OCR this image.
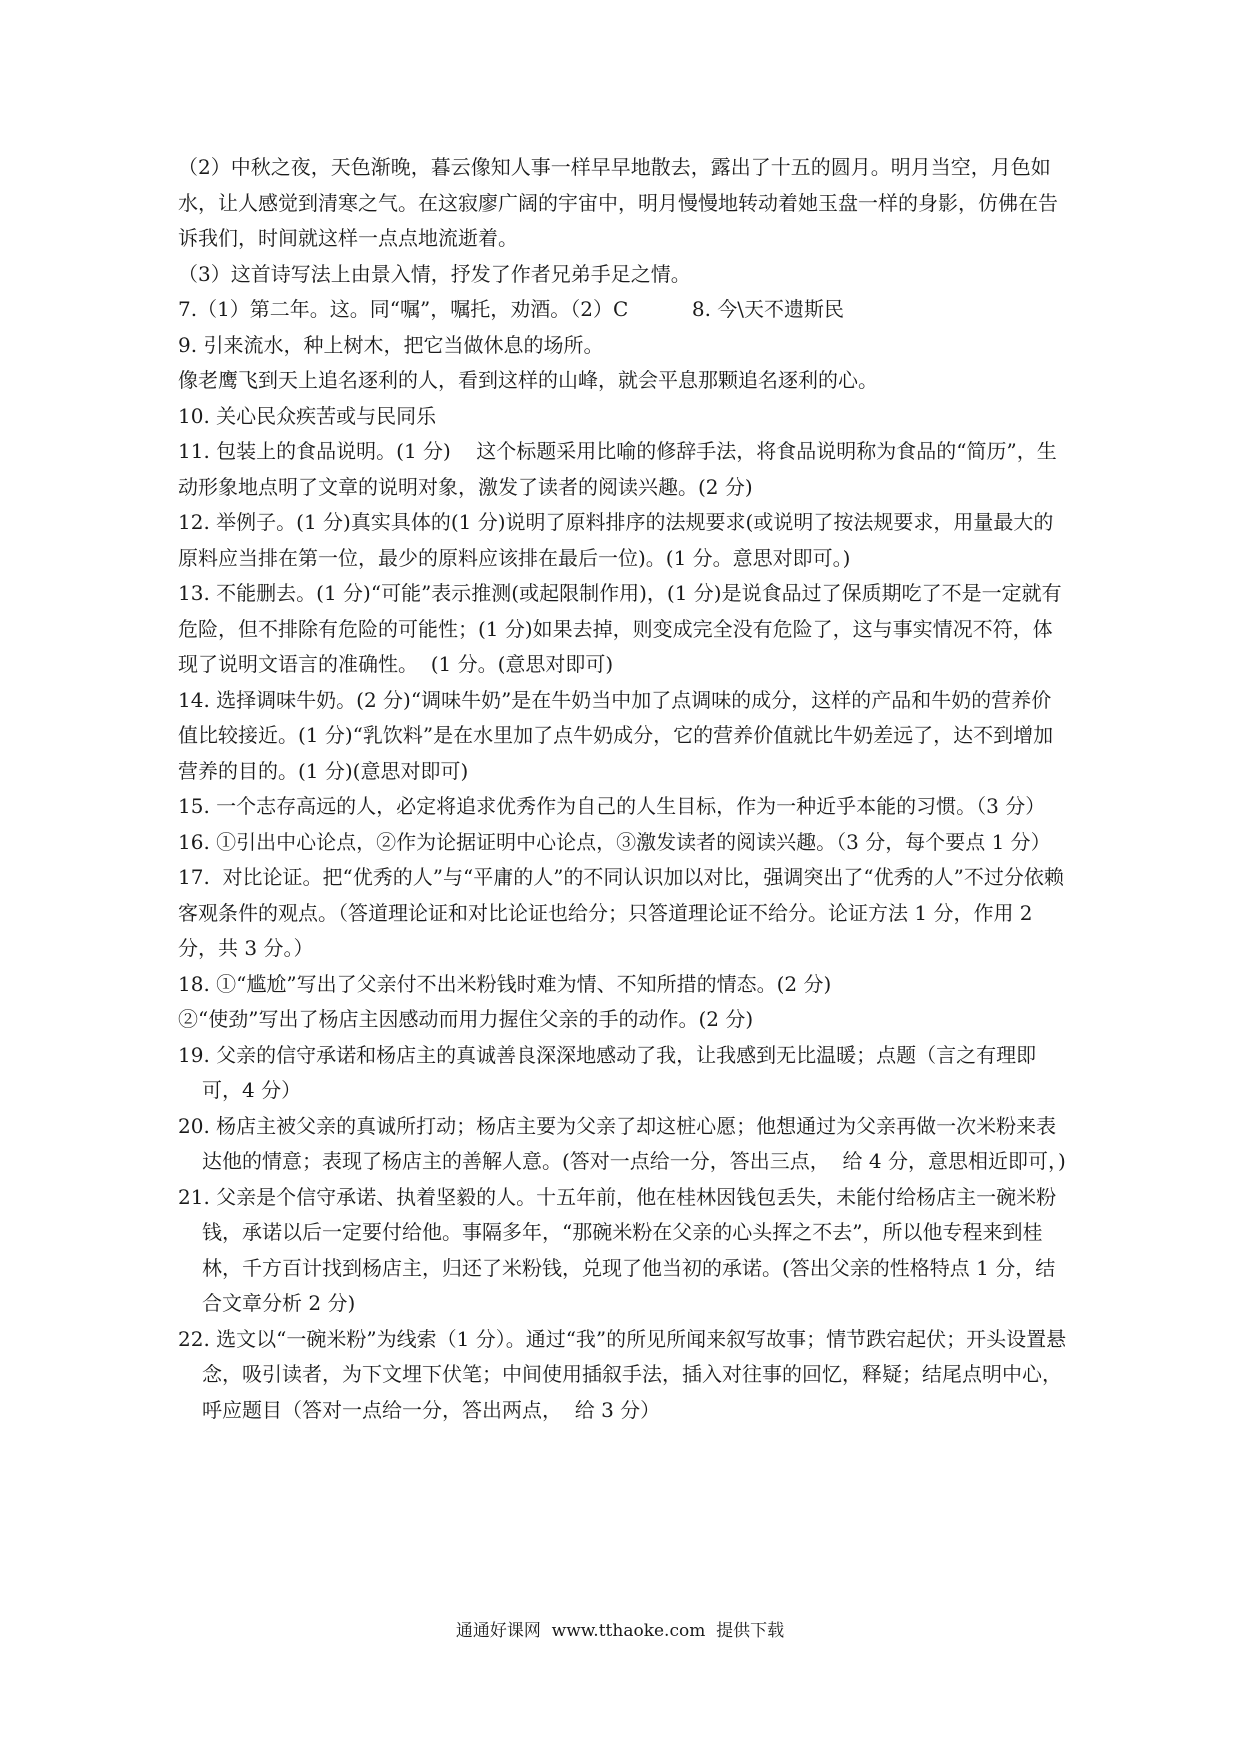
（2）中秋之夜，天色渐晚，暮云像知人事一样早早地散去，露出了十五的圆月。明月当空，月色如水，让人感觉到清寒之气。在这寂廖广阔的宇宙中，明月慢慢地转动着她玉盘一样的身影，仿佛在告诉我们，时间就这样一点点地流逝着。

（3）这首诗写法上由景入情，抒发了作者兄弟手足之情。

7.（1）第二年。这。同“嘱”，嘱托，劝酒。（2）C          8. 今\天不遗斯民

9. 引来流水，种上树木，把它当做休息的场所。

像老鹰飞到天上追名逐利的人，看到这样的山峰，就会平息那颗追名逐利的心。

10. 关心民众疾苦或与民同乐

11. 包装上的食品说明。(1 分)    这个标题采用比喻的修辞手法，将食品说明称为食品的“简历”，生动形象地点明了文章的说明对象，激发了读者的阅读兴趣。(2 分)

12. 举例子。(1 分)真实具体的(1 分)说明了原料排序的法规要求(或说明了按法规要求，用量最大的原料应当排在第一位，最少的原料应该排在最后一位)。(1 分。意思对即可。)

13. 不能删去。(1 分)“可能”表示推测(或起限制作用)，(1 分)是说食品过了保质期吃了不是一定就有危险，但不排除有危险的可能性；(1 分)如果去掉，则变成完全没有危险了，这与事实情况不符，体现了说明文语言的准确性。  (1 分。(意思对即可)

14. 选择调味牛奶。(2 分)“调味牛奶”是在牛奶当中加了点调味的成分，这样的产品和牛奶的营养价值比较接近。(1 分)“乳饮料”是在水里加了点牛奶成分，它的营养价值就比牛奶差远了，达不到增加营养的目的。(1 分)(意思对即可)

15. 一个志存高远的人，必定将追求优秀作为自己的人生目标，作为一种近乎本能的习惯。（3 分）

16. ①引出中心论点，②作为论据证明中心论点，③激发读者的阅读兴趣。（3 分，每个要点 1 分）

17.  对比论证。把“优秀的人”与“平庸的人”的不同认识加以对比，强调突出了“优秀的人”不过分依赖客观条件的观点。（答道理论证和对比论证也给分；只答道理论证不给分。论证方法 1 分，作用 2 分，共 3 分。）

18. ①“尴尬”写出了父亲付不出米粉钱时难为情、不知所措的情态。(2 分)

②“使劲”写出了杨店主因感动而用力握住父亲的手的动作。(2 分)

19. 父亲的信守承诺和杨店主的真诚善良深深地感动了我，让我感到无比温暖；点题（言之有理即可，4 分）

20. 杨店主被父亲的真诚所打动；杨店主要为父亲了却这桩心愿；他想通过为父亲再做一次米粉来表达他的情意；表现了杨店主的善解人意。(答对一点给一分，答出三点，  给 4 分，意思相近即可，)

21. 父亲是个信守承诺、执着坚毅的人。十五年前，他在桂林因钱包丢失，未能付给杨店主一碗米粉钱，承诺以后一定要付给他。事隔多年，“那碗米粉在父亲的心头挥之不去”，所以他专程来到桂林，千方百计找到杨店主，归还了米粉钱，兑现了他当初的承诺。(答出父亲的性格特点 1 分，结合文章分析 2 分)

22. 选文以“一碗米粉”为线索（1 分）。通过“我”的所见所闻来叙写故事；情节跌宕起伏；开头设置悬念，吸引读者，为下文埋下伏笔；中间使用插叙手法，插入对往事的回忆，释疑；结尾点明中心，呼应题目（答对一点给一分，答出两点，  给 3 分）

通通好课网  www.tthaoke.com  提供下载
